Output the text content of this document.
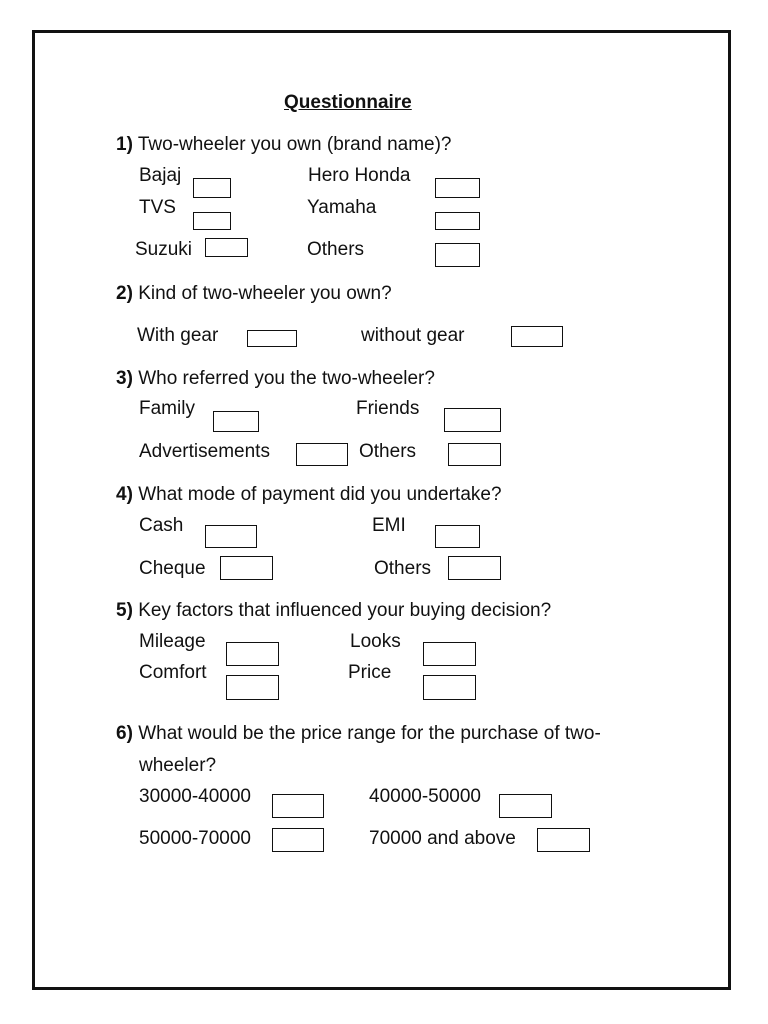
Questionnaire
1) Two-wheeler you own (brand name)?
Bajaj	Hero Honda
TVS	Yamaha
Suzuki	Others
2) Kind of two-wheeler you own?
With gear	without gear
3) Who referred you the two-wheeler?
Family	Friends
Advertisements	Others
4) What mode of payment did you undertake?
Cash	EMI
Cheque	Others
5) Key factors that influenced your buying decision?
Mileage	Looks
Comfort	Price
6) What would be the price range for the purchase of two-
wheeler?
30000-40000	40000-50000
50000-70000	70000 and above
